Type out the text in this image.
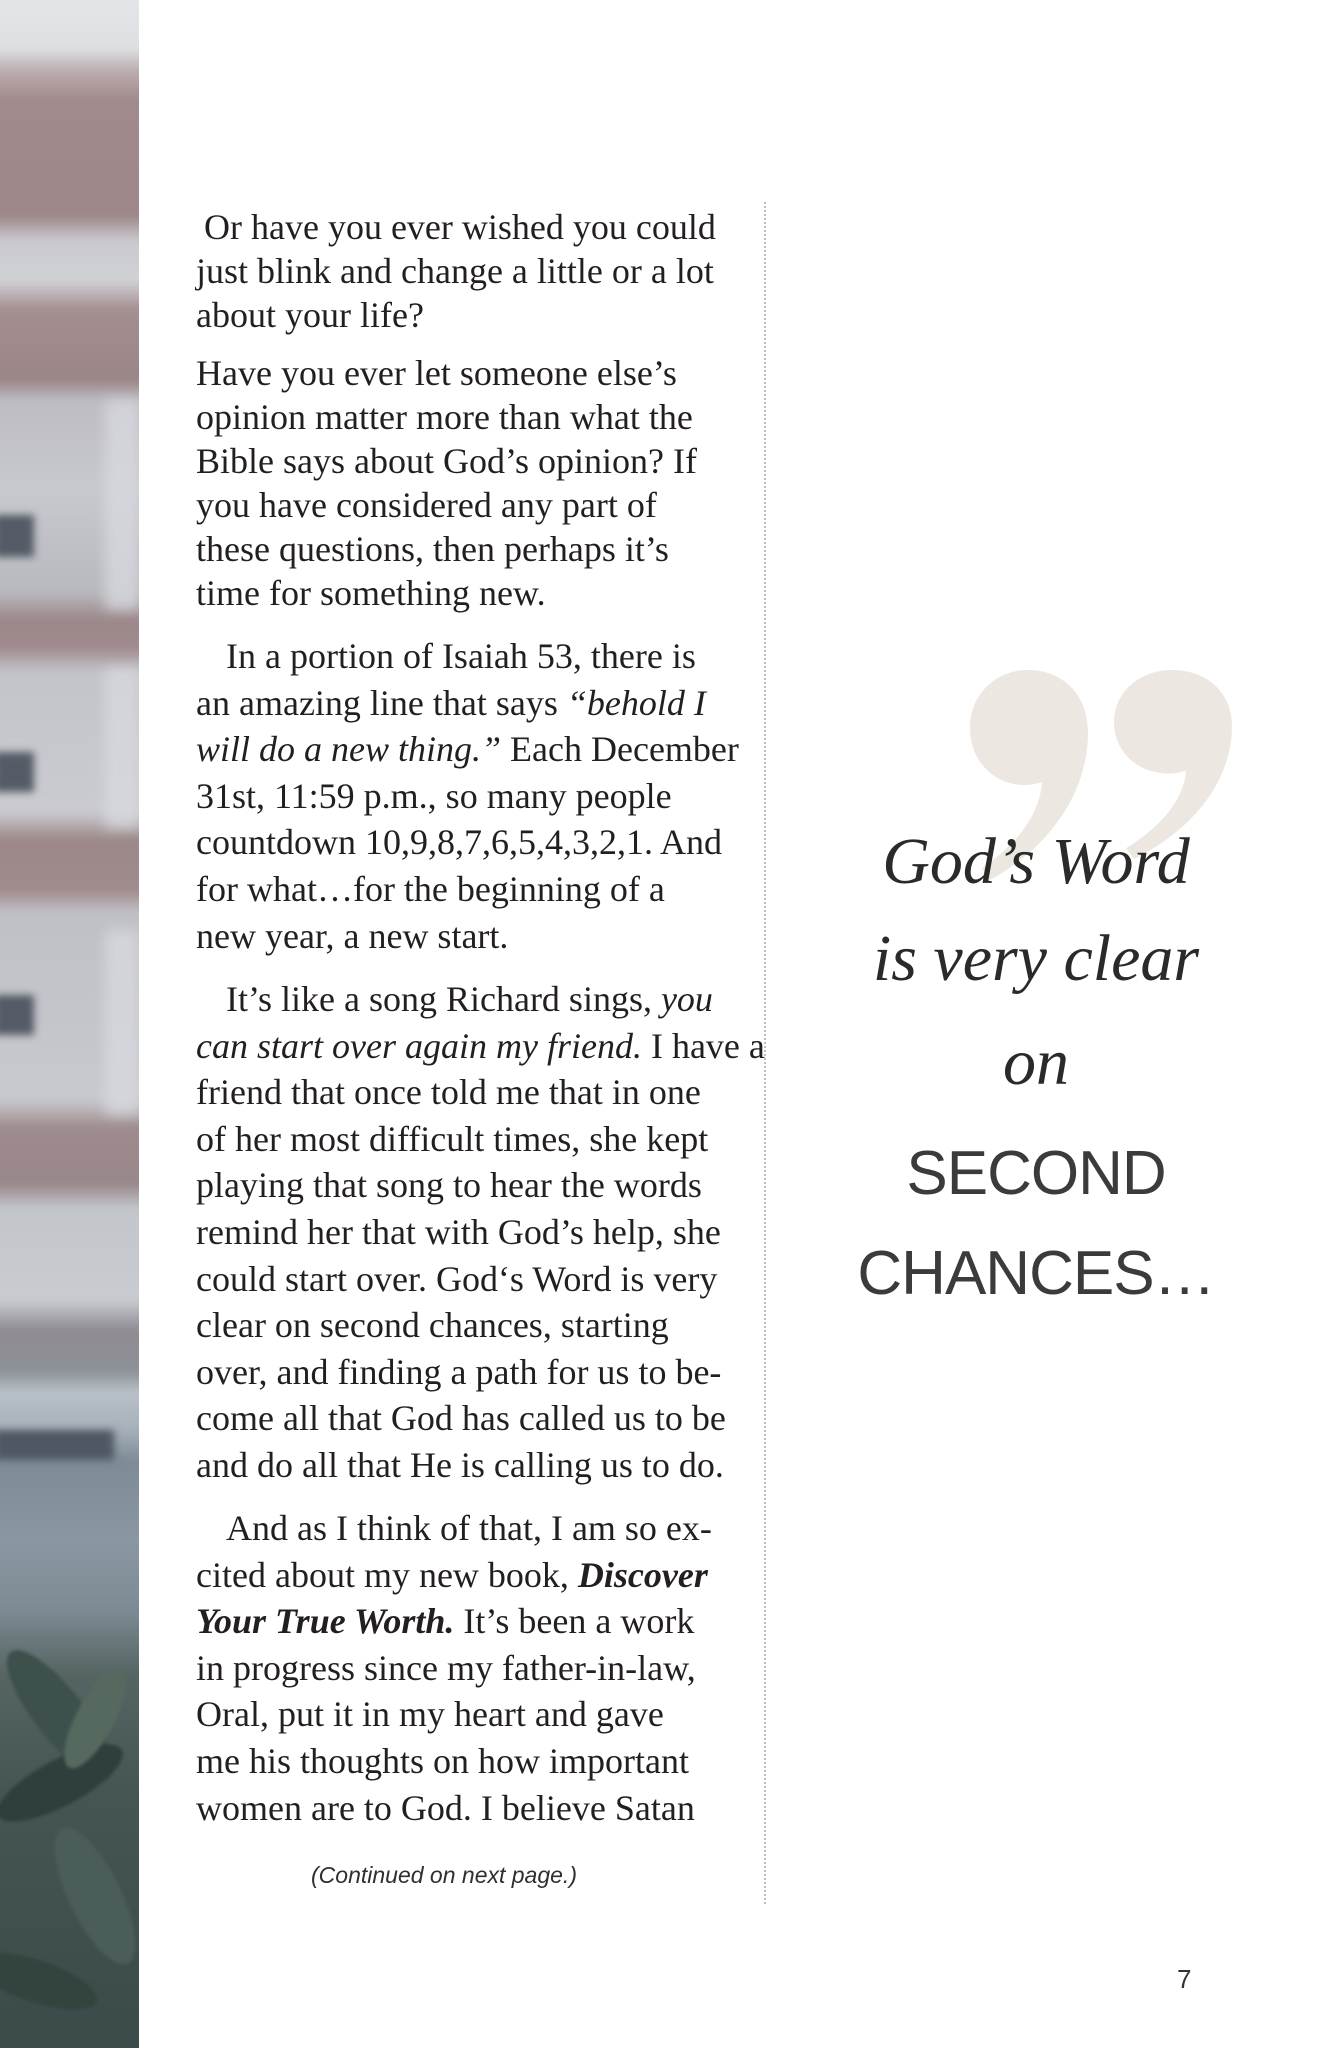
Or have you ever wished you could
just blink and change a little or a lot
about your life?
Have you ever let someone else’s
opinion matter more than what the
Bible says about God’s opinion? If
you have considered any part of
these questions, then perhaps it’s
time for something new.
In a portion of Isaiah 53, there is
an amazing line that says “behold I
will do a new thing.” Each December
31st, 11:59 p.m., so many people
countdown 10,9,8,7,6,5,4,3,2,1. And
for what…for the beginning of a
new year, a new start.
It’s like a song Richard sings, you
can start over again my friend. I have a
friend that once told me that in one
of her most difficult times, she kept
playing that song to hear the words
remind her that with God’s help, she
could start over. God‘s Word is very
clear on second chances, starting
over, and finding a path for us to be-
come all that God has called us to be
and do all that He is calling us to do.
And as I think of that, I am so ex-
cited about my new book, Discover
Your True Worth. It’s been a work
in progress since my father-in-law,
Oral, put it in my heart and gave
me his thoughts on how important
women are to God. I believe Satan
(Continued on next page.)
God’s Word
is very clear
on
SECOND
CHANCES…
7
